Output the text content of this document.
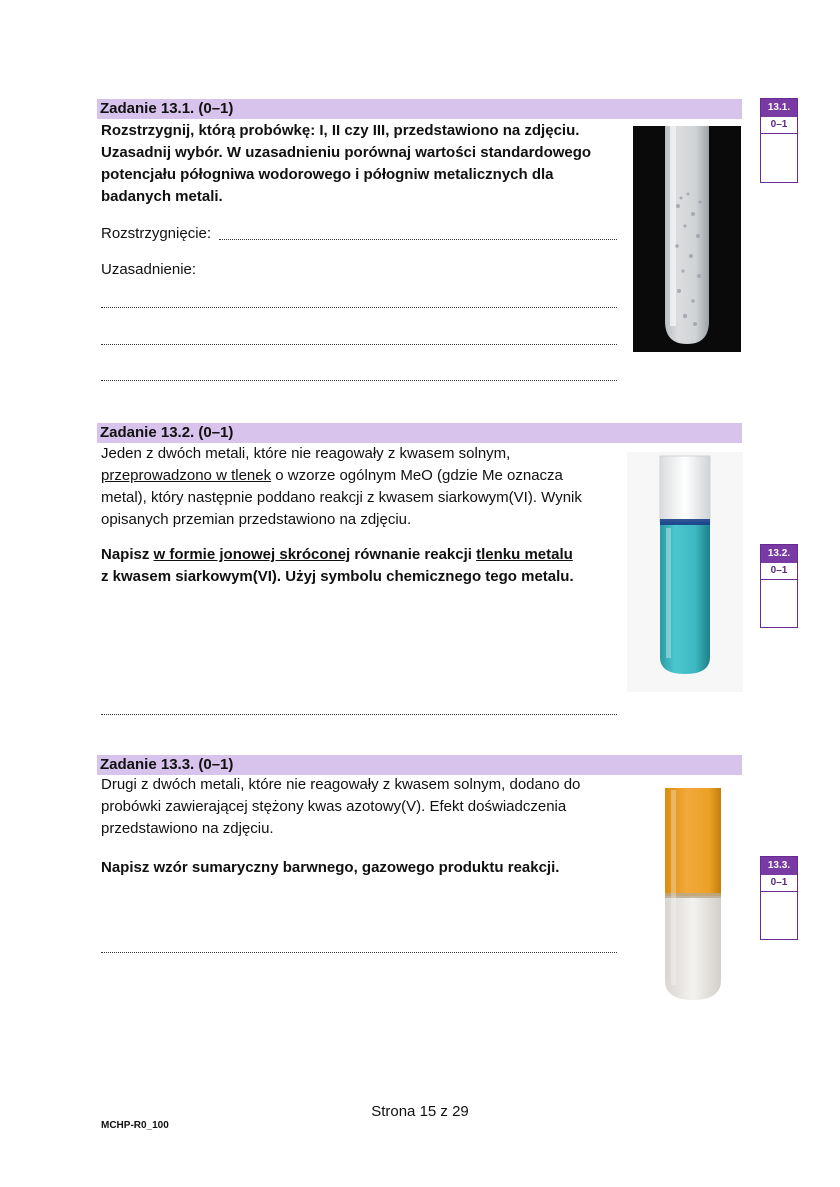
Zadanie 13.1. (0–1)
Rozstrzygnij, którą probówkę: I, II czy III, przedstawiono na zdjęciu.
Uzasadnij wybór. W uzasadnieniu porównaj wartości standardowego
potencjału półogniwa wodorowego i półogniw metalicznych dla
badanych metali.
Rozstrzygnięcie:
Uzasadnienie:
13.1.
0–1
Zadanie 13.2. (0–1)
Jeden z dwóch metali, które nie reagowały z kwasem solnym,
przeprowadzono w tlenek o wzorze ogólnym MeO (gdzie Me oznacza
metal), który następnie poddano reakcji z kwasem siarkowym(VI). Wynik
opisanych przemian przedstawiono na zdjęciu.
Napisz w formie jonowej skróconej równanie reakcji tlenku metalu
z kwasem siarkowym(VI). Użyj symbolu chemicznego tego metalu.
13.2.
0–1
Zadanie 13.3. (0–1)
Drugi z dwóch metali, które nie reagowały z kwasem solnym, dodano do
probówki zawierającej stężony kwas azotowy(V). Efekt doświadczenia
przedstawiono na zdjęciu.
Napisz wzór sumaryczny barwnego, gazowego produktu reakcji.	13.3.
0–1
Strona 15 z 29
MCHP-R0_100
